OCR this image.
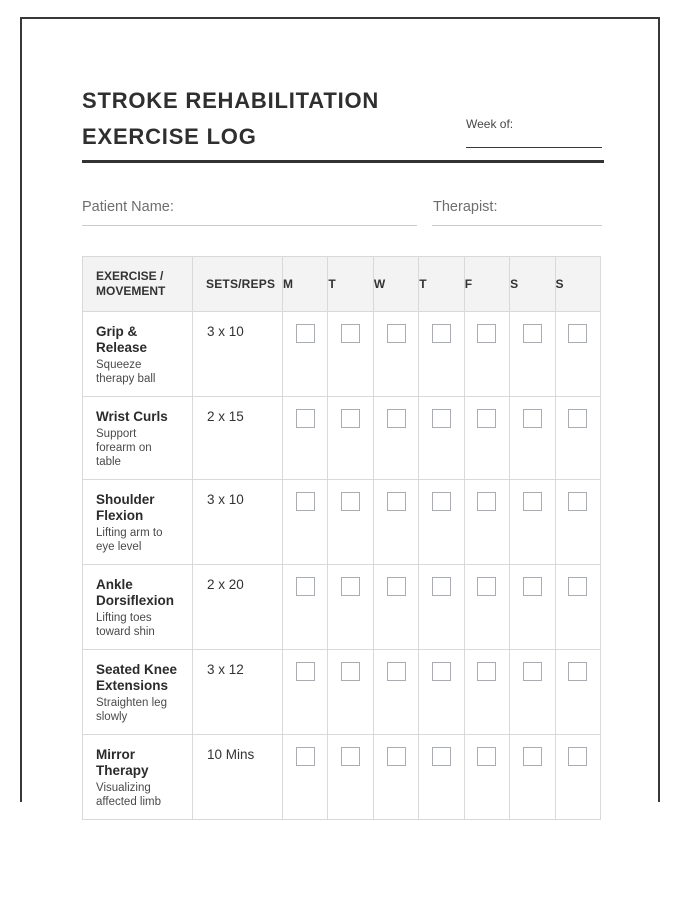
STROKE REHABILITATION
EXERCISE LOG	Week of:
Patient Name:	Therapist:
EXERCISE / MOVEMENT	SETS/REPS	M	T	W	T	F	S	S

Grip & Release
Squeeze therapy ball	3 x 10							

Wrist Curls
Support forearm on table	2 x 15							

Shoulder Flexion
Lifting arm to eye level	3 x 10							

Ankle Dorsiflexion
Lifting toes toward shin	2 x 20							

Seated Knee Extensions
Straighten leg slowly	3 x 12							

Mirror Therapy
Visualizing affected limb	10 Mins							
